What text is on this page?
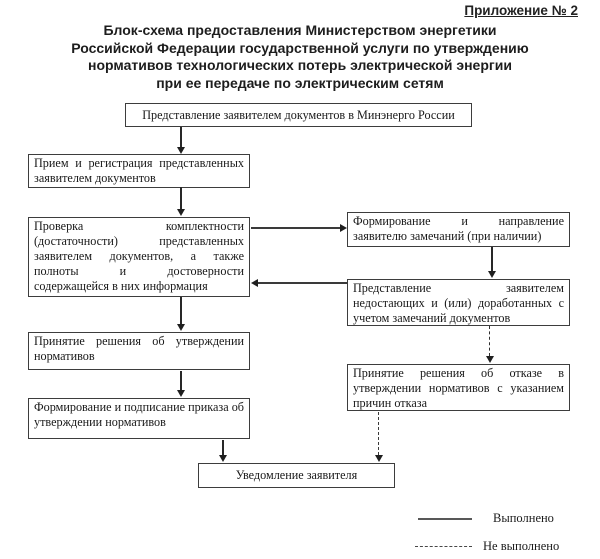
Приложение № 2
Блок-схема предоставления Министерством энергетики
Российской Федерации государственной услуги по утверждению
нормативов технологических потерь электрической энергии
при ее передаче по электрическим сетям
Представление заявителем документов в Минэнерго России
Прием и регистрация представленных заявителем документов
Проверка комплектности (достаточности) представленных заявителем документов, а также полноты и достоверности содержащейся в них информация
Формирование и направление заявителю замечаний (при наличии)
Представление заявителем недостающих и (или) доработанных с учетом замечаний документов
Принятие решения об утверждении нормативов
Принятие решения об отказе в утверждении нормативов с указанием причин отказа
Формирование и подписание приказа об утверждении нормативов
Уведомление заявителя
Выполнено
Не выполнено
